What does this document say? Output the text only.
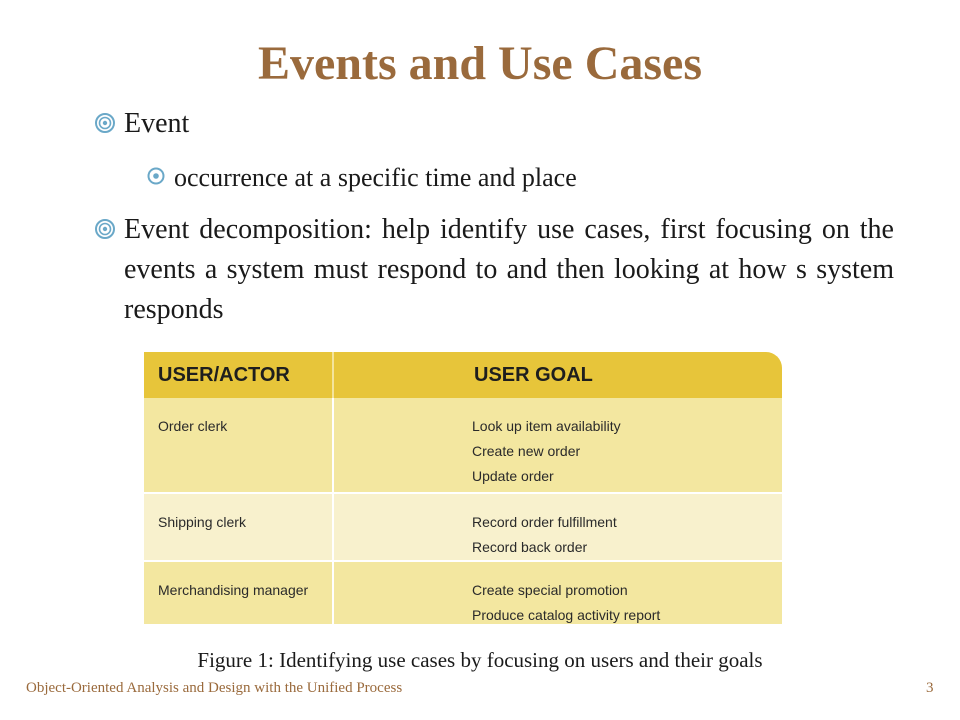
Events and Use Cases
Event
occurrence at a specific time and place
Event decomposition: help identify use cases, first focusing on the events a system must respond to and then looking at how s system responds
USER/ACTOR	USER GOAL
Order clerk	Look up item availability
Create new order
Update order
Shipping clerk	Record order fulfillment
Record back order
Merchandising manager	Create special promotion
Produce catalog activity report
Figure 1: Identifying use cases by focusing on users and their goals
Object-Oriented Analysis and Design with the Unified Process	3
